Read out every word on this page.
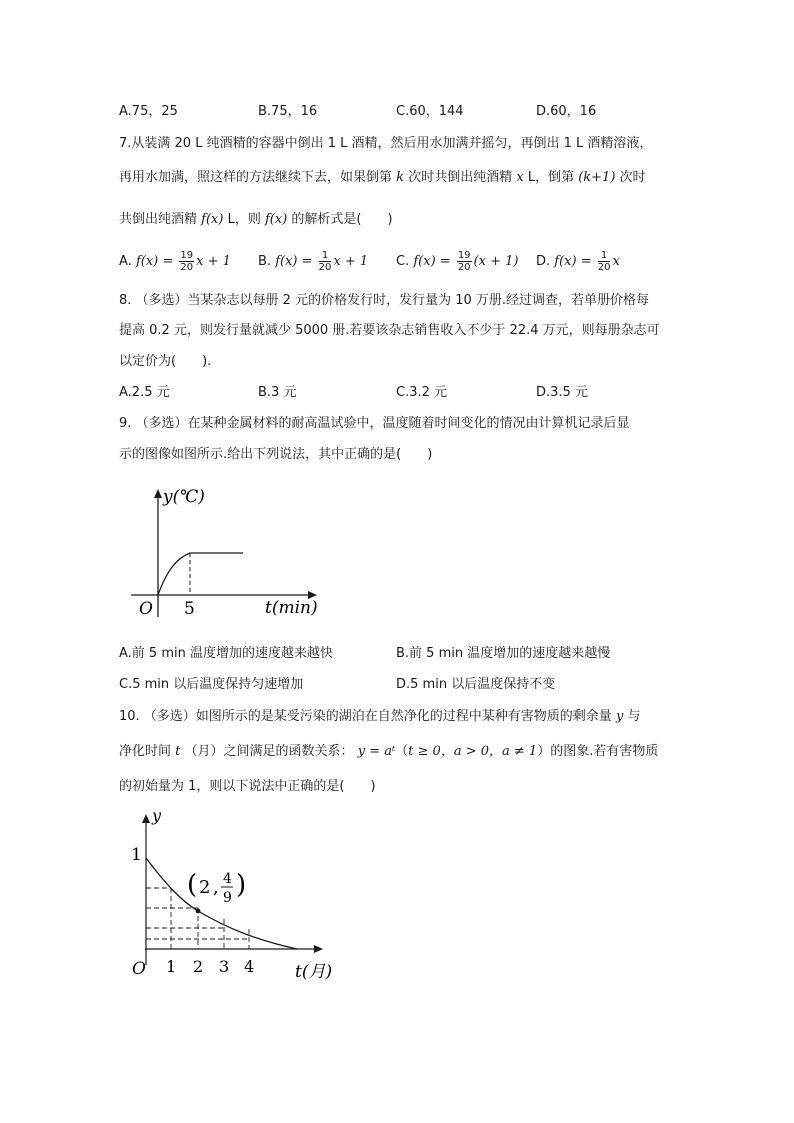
A.75，25	B.75，16	C.60，144	D.60，16
7.从装满 20 L 纯酒精的容器中倒出 1 L 酒精，然后用水加满并摇匀，再倒出 1 L 酒精溶液，
再用水加满，照这样的方法继续下去，如果倒第 k 次时共倒出纯酒精 x L，倒第 (k+1) 次时
共倒出纯酒精 f(x) L，则 f(x) 的解析式是(　　)
A. $f(x) = \frac{19}{20}$ x + 1 B. $f(x) = \frac{1}{20}$ x + 1 C. $f(x) = \frac{19}{20} (x + 1)$ D. $f(x) = \frac{1}{20}$ x
8. （多选）当某杂志以每册 2 元的价格发行时，发行量为 10 万册.经过调查，若单册价格每
提高 0.2 元，则发行量就减少 5000 册.若要该杂志销售收入不少于 22.4 万元，则每册杂志可
以定价为(　　).
A.2.5 元	B.3 元	C.3.2 元	D.3.5 元
9. （多选）在某种金属材料的耐高温试验中，温度随着时间变化的情况由计算机记录后显
示的图像如图所示.给出下列说法，其中正确的是(　　)
y(℃)
t(min)
O 5
A.前 5 min 温度增加的速度越来越快	B.前 5 min 温度增加的速度越来越慢
C.5 min 以后温度保持匀速增加	D.5 min 以后温度保持不变
10. （多选）如图所示的是某受污染的湖泊在自然净化的过程中某种有害物质的剩余量 y 与
净化时间 t （月）之间满足的函数关系： y = aᵗ（t ≥ 0，a > 0，a ≠ 1）的图象.若有害物质
的初始量为 1，则以下说法中正确的是(　　)
y
1
O 1 2 3 4 t(月)
( 2 , 4
9 )
